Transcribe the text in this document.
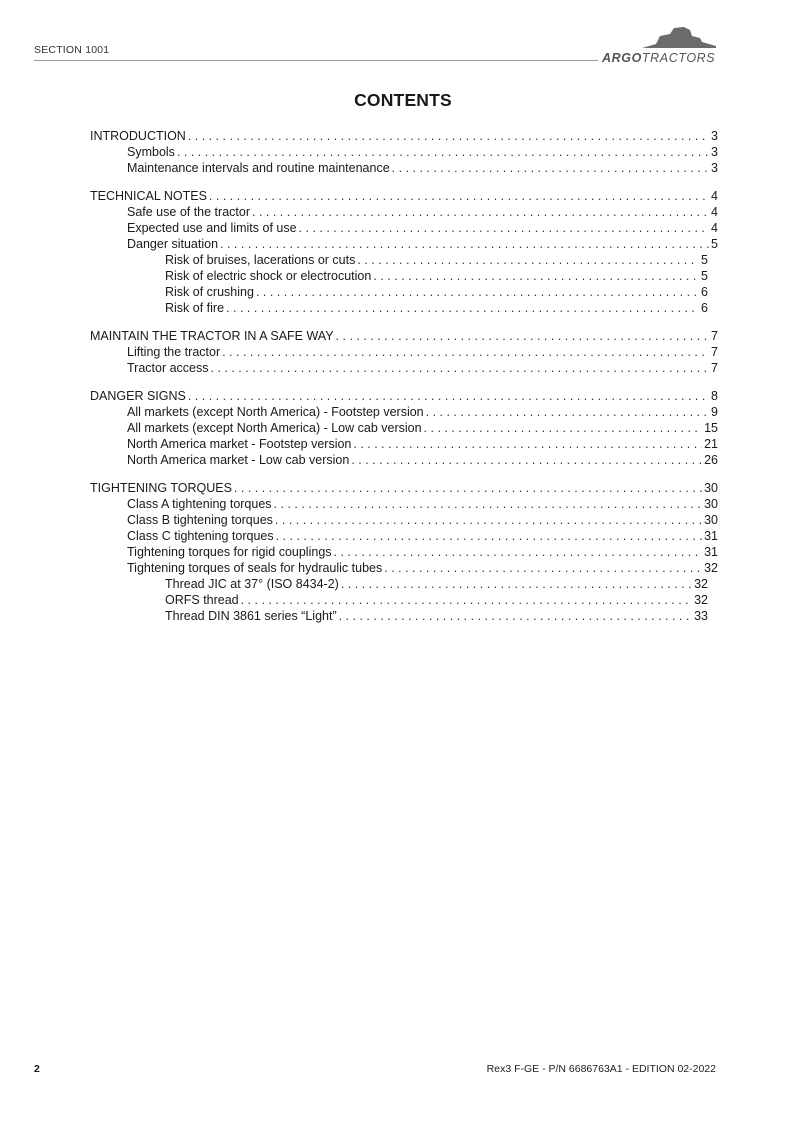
SECTION 1001
ARGOTRACTORS
CONTENTS
INTRODUCTION . . .	3
Symbols . . .	3
Maintenance intervals and routine maintenance . . .	3
TECHNICAL NOTES . . .	4
Safe use of the tractor . . .	4
Expected use and limits of use . . .	4
Danger situation . . .	5
Risk of bruises, lacerations or cuts . . .	5
Risk of electric shock or electrocution . . .	5
Risk of crushing . . .	6
Risk of fire . . .	6
MAINTAIN THE TRACTOR IN A SAFE WAY . . .	7
Lifting the tractor . . .	7
Tractor access . . .	7
DANGER SIGNS . . .	8
All markets (except North America) - Footstep version . . .	9
All markets (except North America) - Low cab version . . .	15
North America market - Footstep version . . .	21
North America market - Low cab version . . .	26
TIGHTENING TORQUES . . .	30
Class A tightening torques . . .	30
Class B tightening torques . . .	30
Class C tightening torques . . .	31
Tightening torques for rigid couplings . . .	31
Tightening torques of seals for hydraulic tubes . . .	32
Thread JIC at 37° (ISO 8434-2) . . .	32
ORFS thread . . .	32
Thread DIN 3861 series “Light” . . .	33
2	Rex3 F-GE - P/N 6686763A1 - EDITION 02-2022
